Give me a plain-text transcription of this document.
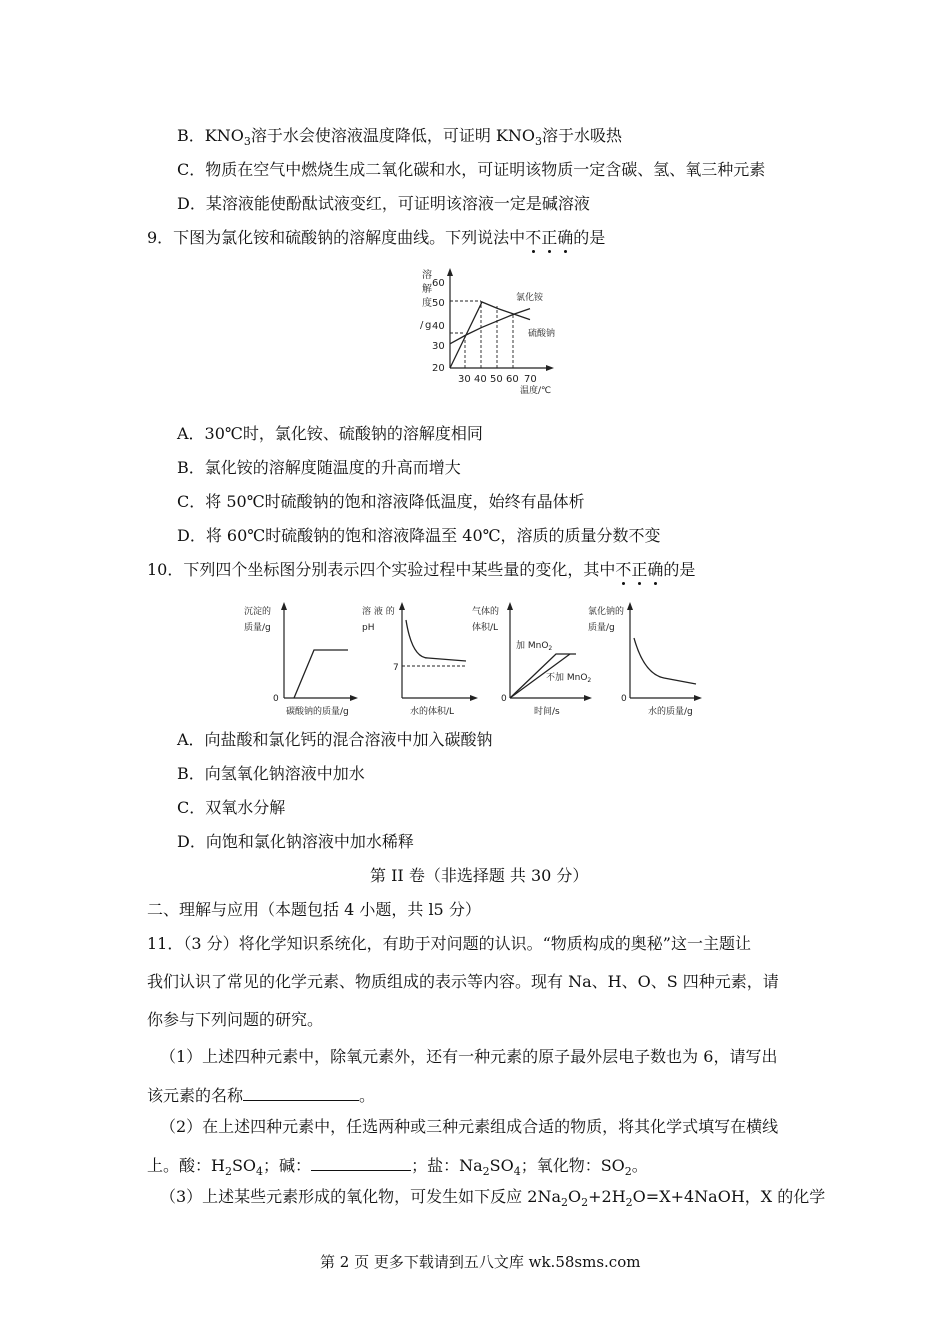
B．$KNO_3$溶于水会使溶液温度降低，可证明 $KNO_3$溶于水吸热
C．物质在空气中燃烧生成二氧化碳和水，可证明该物质一定含碳、氢、氧三种元素
D．某溶液能使酚酞试液变红，可证明该溶液一定是碱溶液
9．下图为氯化铵和硫酸钠的溶解度曲线。下列说法中不正确的是
溶
解
度
/ g
60
50
40
30
20
30 40 50 60 70
温度/℃
氯化铵
硫酸钠
A．30℃时，氯化铵、硫酸钠的溶解度相同
B．氯化铵的溶解度随温度的升高而增大
C．将 50℃时硫酸钠的饱和溶液降低温度，始终有晶体析
D．将 60℃时硫酸钠的饱和溶液降温至 40℃，溶质的质量分数不变
10．下列四个坐标图分别表示四个实验过程中某些量的变化，其中不正确的是
沉淀的
质量/g
0
碳酸钠的质量/g
溶 液 的
pH
7
水的体积/L
气体的
体积/L
0
加 MnO$_2$
不加 MnO$_2$
时间/s
氯化钠的
质量/g
0
水的质量/g
A．向盐酸和氯化钙的混合溶液中加入碳酸钠
B．向氢氧化钠溶液中加水
C．双氧水分解
D．向饱和氯化钠溶液中加水稀释
第 II 卷（非选择题 共 30 分）
二、理解与应用（本题包括 4 小题，共 l5 分）
11．（3 分）将化学知识系统化，有助于对问题的认识。“物质构成的奥秘”这一主题让
我们认识了常见的化学元素、物质组成的表示等内容。现有 Na、H、O、S 四种元素，请
你参与下列问题的研究。
（1）上述四种元素中，除氧元素外，还有一种元素的原子最外层电子数也为 6，请写出
该元素的名称	。
（2）在上述四种元素中，任选两种或三种元素组成合适的物质，将其化学式填写在横线
上。酸：$H_2SO_4$；碱：	；盐：$Na_2SO_4$；氧化物：$SO_2$。
（3）上述某些元素形成的氧化物，可发生如下反应 $2Na_2O_2+2H_2O=X+4NaOH$，X 的化学
第 2 页 更多下载请到五八文库 wk.58sms.com
